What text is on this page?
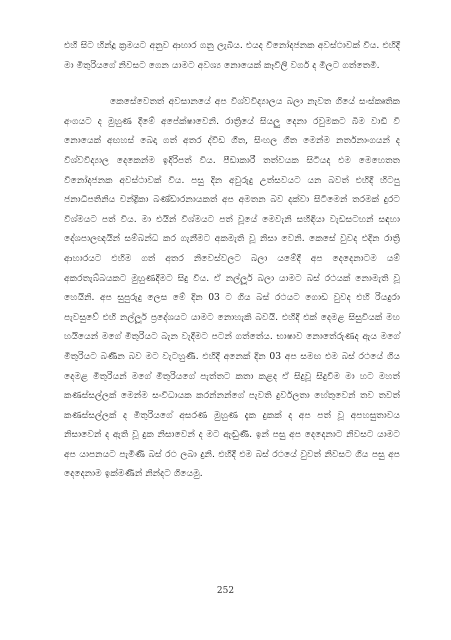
එහි සිට හින්දූ ක්‍රමයට අනුව ආහාර ගනු ලැබිය. එයද විනෝදජනක අවස්ථාවක් විය. එහිදී මා මිතුරියගේ නිවසට ගෙන යාමට අවශ්‍ය නොයෙක් කෑවිලි වර්ග ද මිලට ගත්තෙමි.

කෙසේවෙතත් අවසානයේ අප විශ්වවිද්‍යාලය බලා නැවත ගියේ සංස්කෘතික අංගයට ද මුහුණ දීමේ අපේක්ෂාවෙනි. රාත්‍රියේ සියලු දෙනා රවුමකට බිම වාඩි වී නොයෙක් අඟහස් බෙදා ගත් අතර ද්විඩ ගීත, සිංහල ගීත මෙන්ම නර්තනාංගයන් ද විශ්වවිද්‍යාල දෙකෙන්ම ඉදිරිපත් විය. පීඩාකාරී තත්වයක සිටියද එම මෙහෙතත විනෝදජනක අවස්ථාවක් විය. පසු දින අවුරුදු උත්සවයට යන බවත් එහිදී හිටපු ජනාධිපතිනිය චන්ද්‍රිකා බණ්ඩාරනායකත් අප අමතන බව දක්වා සිටීමෙන් තරමක් දුරට විශ්මයට පත් විය. මා එයින් විශ්මයට පත් වූයේ මෙවැනි සහිඳියා වැඩසටහන් සඳහා දේශපාලඥයින් සම්බන්ධ කර ගැනීමට අකමැති වූ නිසා වෙනි. කෙසේ වුවද එදින රාත්‍රි ආහාරයට එහිම ගත් අතර නිවෙස්වලට බලා යමේදී අප දෙදෙනාටම යම් අකරතැබ්බයකට මුහුණදීමට සිදු විය. ඒ නල්ලූර් බලා යාමට බස් රථයක් නොමැති වූ හෙයිනි. අප සුපුරුදු ලෙස මේ දින 03 ට ගිය බස් රථයට ගොඩ වුවද එහි රියදුරා පැවසුවේ එහි නල්ලූර් ප්‍රදේශයට යාමට නොහැකි බවයි. එහිදී එක් දෙමළ සිසුවියක් මහ හයියෙන් මගේ මිතුරියට බැන වැදීමට පටන් ගත්තේය. භාෂාව නොතේරුණද ඇය මගේ මිතුරියට බණින බව මට වැටහුණි. එහිදී අනෙක් දින 03 අප සමඟ එම බස් රථයේ ගිය දෙමළ මිතුරියන් මගේ මිතුරියගේ පැත්තට කතා කළද ඒ සිදුවූ සිදුවීම මා හට මහත් කණස්සල්ලක් මෙන්ම සංවිධායක කරන්නන්ගේ පැවති දුර්වලතා හේතුවෙන් තව තවත් කණස්සල්ලක් ද මිතුරියගේ අසරණ මුහුණ දැක දුකක් ද අප පත් වූ අපහසුතාවය නිසාවෙන් ද ඇති වූ දුක නිසාවෙන් ද මට ඇඬුණි. ඉන් පසු අප දෙදෙනාට නිවසට යාමට අප යාපනයට පැමිණි බස් රථ ලබා දුනි. එහිදී එම බස් රථයේ වුවත් නිවසට ගිය පසු අප දෙදෙනාම ඉක්මණින් නින්දට ගියෙමු.

252
